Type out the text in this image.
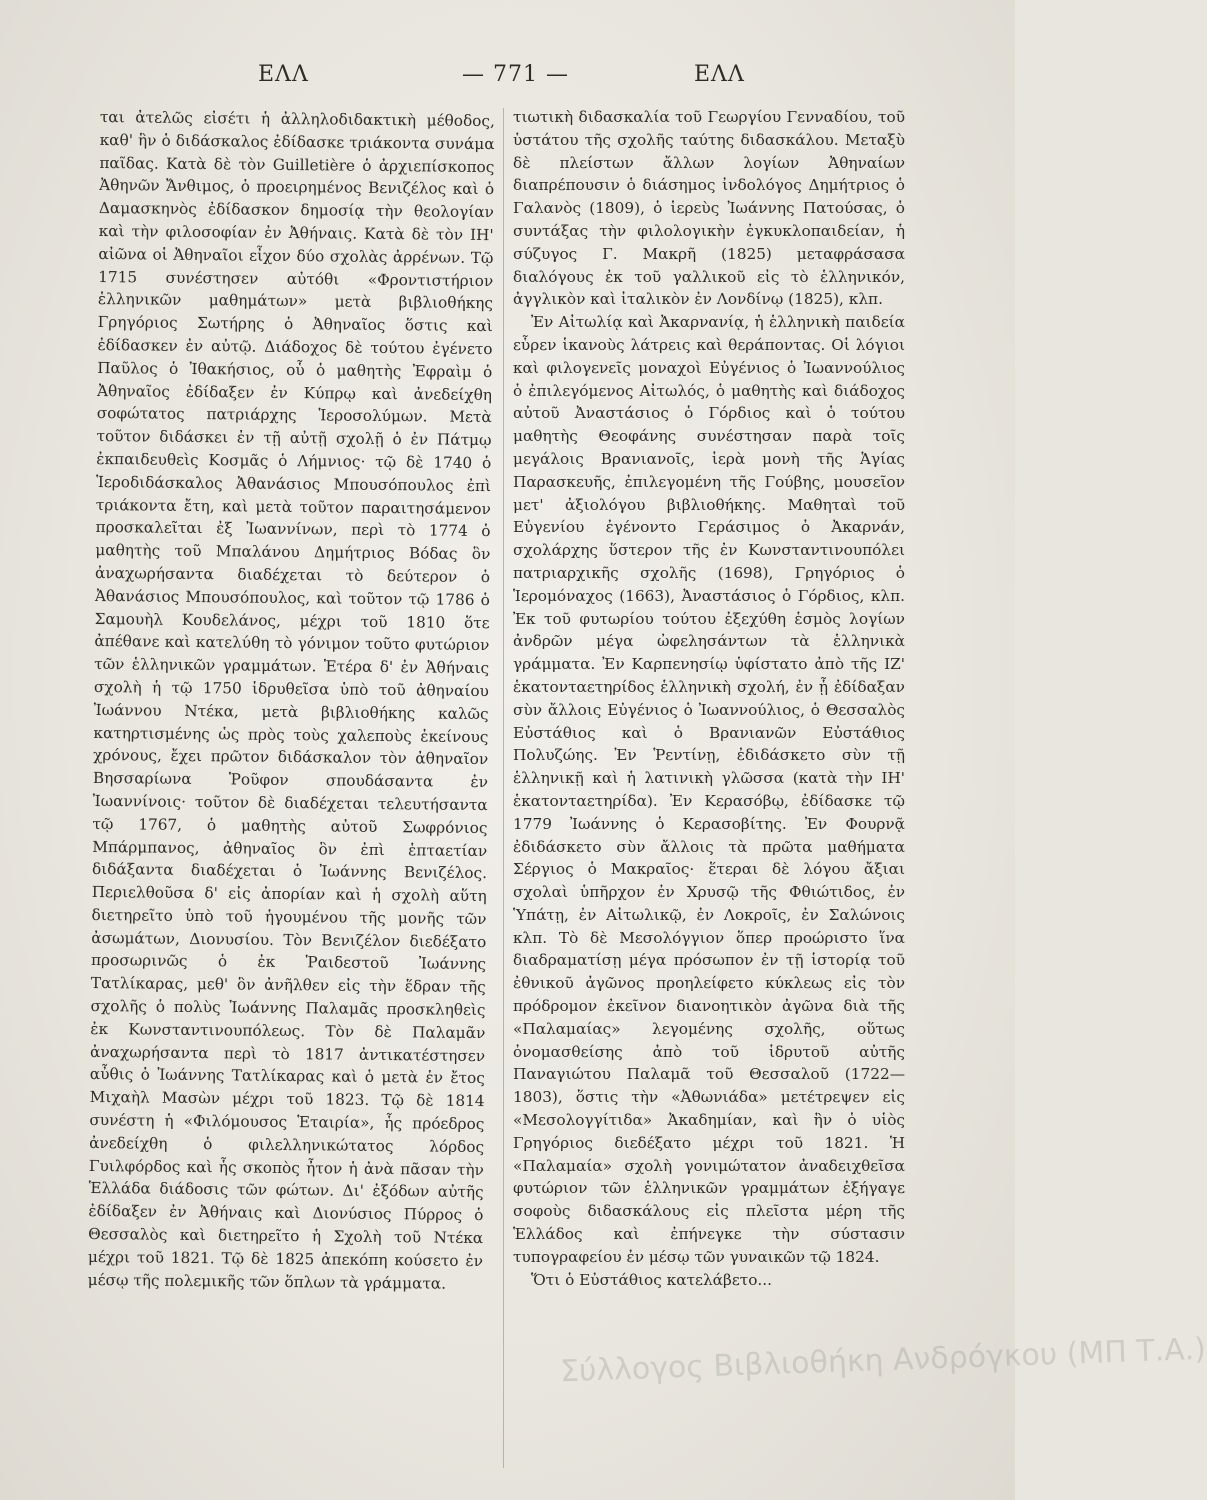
ΕΛΛ	— 771 —	ΕΛΛ

ται ἀτελῶς εἰσέτι ἡ ἀλληλοδιδακτικὴ μέθοδος, καθ' ἣν ὁ διδάσκαλος ἐδίδασκε τριάκοντα συνάμα παῖδας. Κατὰ δὲ τὸν Guilletière ὁ ἀρχιεπίσκοπος Ἀθηνῶν Ἄνθιμος, ὁ προειρημένος Βενιζέλος καὶ ὁ Δαμασκηνὸς ἐδίδασκον δημοσίᾳ τὴν θεολογίαν καὶ τὴν φιλοσοφίαν ἐν Ἀθήναις. Κατὰ δὲ τὸν ΙΗ' αἰῶνα οἱ Ἀθηναῖοι εἶχον δύο σχολὰς ἀρρένων. Τῷ 1715 συνέστησεν αὐτόθι «Φροντιστήριον ἑλληνικῶν μαθημάτων» μετὰ βιβλιοθήκης Γρηγόριος Σωτήρης ὁ Ἀθηναῖος ὅστις καὶ ἐδίδασκεν ἐν αὐτῷ. Διάδοχος δὲ τούτου ἐγένετο Παῦλος ὁ Ἰθακήσιος, οὗ ὁ μαθητὴς Ἐφραὶμ ὁ Ἀθηναῖος ἐδίδαξεν ἐν Κύπρῳ καὶ ἀνεδείχθη σοφώτατος πατριάρχης Ἱεροσολύμων. Μετὰ τοῦτον διδάσκει ἐν τῇ αὐτῇ σχολῇ ὁ ἐν Πάτμῳ ἐκπαιδευθεὶς Κοσμᾶς ὁ Λήμνιος· τῷ δὲ 1740 ὁ Ἱεροδιδάσκαλος Ἀθανάσιος Μπουσόπουλος ἐπὶ τριάκοντα ἔτη, καὶ μετὰ τοῦτον παραιτησάμενον προσκαλεῖται ἐξ Ἰωαννίνων, περὶ τὸ 1774 ὁ μαθητὴς τοῦ Μπαλάνου Δημήτριος Βόδας ὃν ἀναχωρήσαντα διαδέχεται τὸ δεύτερον ὁ Ἀθανάσιος Μπουσόπουλος, καὶ τοῦτον τῷ 1786 ὁ Σαμουὴλ Κουδελάνος, μέχρι τοῦ 1810 ὅτε ἀπέθανε καὶ κατελύθη τὸ γόνιμον τοῦτο φυτώριον τῶν ἑλληνικῶν γραμμάτων. Ἑτέρα δ' ἐν Ἀθήναις σχολὴ ἡ τῷ 1750 ἱδρυθεῖσα ὑπὸ τοῦ ἀθηναίου Ἰωάννου Ντέκα, μετὰ βιβλιοθήκης καλῶς κατηρτισμένης ὡς πρὸς τοὺς χαλεποὺς ἐκείνους χρόνους, ἔχει πρῶτον διδάσκαλον τὸν ἀθηναῖον Βησσαρίωνα Ῥοῦφον σπουδάσαντα ἐν Ἰωαννίνοις· τοῦτον δὲ διαδέχεται τελευτήσαντα τῷ 1767, ὁ μαθητὴς αὐτοῦ Σωφρόνιος Μπάρμπανος, ἀθηναῖος ὃν ἐπὶ ἑπταετίαν διδάξαντα διαδέχεται ὁ Ἰωάννης Βενιζέλος. Περιελθοῦσα δ' εἰς ἀπορίαν καὶ ἡ σχολὴ αὕτη διετηρεῖτο ὑπὸ τοῦ ἡγουμένου τῆς μονῆς τῶν ἀσωμάτων, Διονυσίου. Τὸν Βενιζέλον διεδέξατο προσωρινῶς ὁ ἐκ Ῥαιδεστοῦ Ἰωάννης Τατλίκαρας, μεθ' ὃν ἀνῆλθεν εἰς τὴν ἕδραν τῆς σχολῆς ὁ πολὺς Ἰωάννης Παλαμᾶς προσκληθεὶς ἐκ Κωνσταντινουπόλεως. Τὸν δὲ Παλαμᾶν ἀναχωρήσαντα περὶ τὸ 1817 ἀντικατέστησεν αὖθις ὁ Ἰωάννης Τατλίκαρας καὶ ὁ μετὰ ἐν ἔτος Μιχαὴλ Μασὼν μέχρι τοῦ 1823. Τῷ δὲ 1814 συνέστη ἡ «Φιλόμουσος Ἑταιρία», ἧς πρόεδρος ἀνεδείχθη ὁ φιλελληνικώτατος λόρδος Γυιλφόρδος καὶ ἧς σκοπὸς ἦτον ἡ ἀνὰ πᾶσαν τὴν Ἑλλάδα διάδοσις τῶν φώτων. Δι' ἐξόδων αὐτῆς ἐδίδαξεν ἐν Ἀθήναις καὶ Διονύσιος Πύρρος ὁ Θεσσαλὸς καὶ διετηρεῖτο ἡ Σχολὴ τοῦ Ντέκα μέχρι τοῦ 1821. Τῷ δὲ 1825 ἀπεκόπη κούσετο ἐν μέσῳ τῆς πολεμικῆς τῶν ὅπλων τὰ γράμματα.

τιωτικὴ διδασκαλία τοῦ Γεωργίου Γενναδίου, τοῦ ὑστάτου τῆς σχολῆς ταύτης διδασκάλου. Μεταξὺ δὲ πλείστων ἄλλων λογίων Ἀθηναίων διαπρέπουσιν ὁ διάσημος ἰνδολόγος Δημήτριος ὁ Γαλανὸς (1809), ὁ ἱερεὺς Ἰωάννης Πατούσας, ὁ συντάξας τὴν φιλολογικὴν ἐγκυκλοπαιδείαν, ἡ σύζυγος Γ. Μακρῆ (1825) μεταφράσασα διαλόγους ἐκ τοῦ γαλλικοῦ εἰς τὸ ἑλληνικόν, ἀγγλικὸν καὶ ἰταλικὸν ἐν Λονδίνῳ (1825), κλπ.

Ἐν Αἰτωλίᾳ καὶ Ἀκαρνανίᾳ, ἡ ἑλληνικὴ παιδεία εὗρεν ἱκανοὺς λάτρεις καὶ θεράποντας. Οἱ λόγιοι καὶ φιλογενεῖς μοναχοὶ Εὐγένιος ὁ Ἰωαννούλιος ὁ ἐπιλεγόμενος Αἰτωλός, ὁ μαθητὴς καὶ διάδοχος αὐτοῦ Ἀναστάσιος ὁ Γόρδιος καὶ ὁ τούτου μαθητὴς Θεοφάνης συνέστησαν παρὰ τοῖς μεγάλοις Βρανιανοῖς, ἱερὰ μονὴ τῆς Ἁγίας Παρασκευῆς, ἐπιλεγομένη τῆς Γούβης, μουσεῖον μετ' ἀξιολόγου βιβλιοθήκης. Μαθηταὶ τοῦ Εὐγενίου ἐγένοντο Γεράσιμος ὁ Ἀκαρνάν, σχολάρχης ὕστερον τῆς ἐν Κωνσταντινουπόλει πατριαρχικῆς σχολῆς (1698), Γρηγόριος ὁ Ἱερομόναχος (1663), Ἀναστάσιος ὁ Γόρδιος, κλπ. Ἐκ τοῦ φυτωρίου τούτου ἐξεχύθη ἑσμὸς λογίων ἀνδρῶν μέγα ὠφελησάντων τὰ ἑλληνικὰ γράμματα. Ἐν Καρπενησίῳ ὑφίστατο ἀπὸ τῆς ΙΖ' ἑκατονταετηρίδος ἑλληνικὴ σχολή, ἐν ᾗ ἐδίδαξαν σὺν ἄλλοις Εὐγένιος ὁ Ἰωαννούλιος, ὁ Θεσσαλὸς Εὐστάθιος καὶ ὁ Βρανιανῶν Εὐστάθιος Πολυζώης. Ἐν Ῥεντίνῃ, ἐδιδάσκετο σὺν τῇ ἑλληνικῇ καὶ ἡ λατινικὴ γλῶσσα (κατὰ τὴν ΙΗ' ἑκατονταετηρίδα). Ἐν Κερασόβῳ, ἐδίδασκε τῷ 1779 Ἰωάννης ὁ Κερασοβίτης. Ἐν Φουρνᾷ ἐδιδάσκετο σὺν ἄλλοις τὰ πρῶτα μαθήματα Σέργιος ὁ Μακραῖος· ἕτεραι δὲ λόγου ἄξιαι σχολαὶ ὑπῆρχον ἐν Χρυσῷ τῆς Φθιώτιδος, ἐν Ὑπάτῃ, ἐν Αἰτωλικῷ, ἐν Λοκροῖς, ἐν Σαλώνοις κλπ. Τὸ δὲ Μεσολόγγιον ὅπερ προώριστο ἵνα διαδραματίσῃ μέγα πρόσωπον ἐν τῇ ἱστορίᾳ τοῦ ἐθνικοῦ ἀγῶνος προηλείφετο κύκλεως εἰς τὸν πρόδρομον ἐκεῖνον διανοητικὸν ἀγῶνα διὰ τῆς «Παλαμαίας» λεγομένης σχολῆς, οὕτως ὀνομασθείσης ἀπὸ τοῦ ἱδρυτοῦ αὐτῆς Παναγιώτου Παλαμᾶ τοῦ Θεσσαλοῦ (1722—1803), ὅστις τὴν «Ἀθωνιάδα» μετέτρεψεν εἰς «Μεσολογγίτιδα» Ἀκαδημίαν, καὶ ἣν ὁ υἱὸς Γρηγόριος διεδέξατο μέχρι τοῦ 1821. Ἡ «Παλαμαία» σχολὴ γονιμώτατον ἀναδειχθεῖσα φυτώριον τῶν ἑλληνικῶν γραμμάτων ἐξήγαγε σοφοὺς διδασκάλους εἰς πλεῖστα μέρη τῆς Ἑλλάδος καὶ ἐπήνεγκε τὴν σύστασιν τυπογραφείου ἐν μέσῳ τῶν γυναικῶν τῷ 1824.

Ὅτι ὁ Εὐστάθιος κατελάβετο...

Σύλλογος Βιβλιοθήκη Ανδρόγκου (ΜΠ Τ.Α.)
